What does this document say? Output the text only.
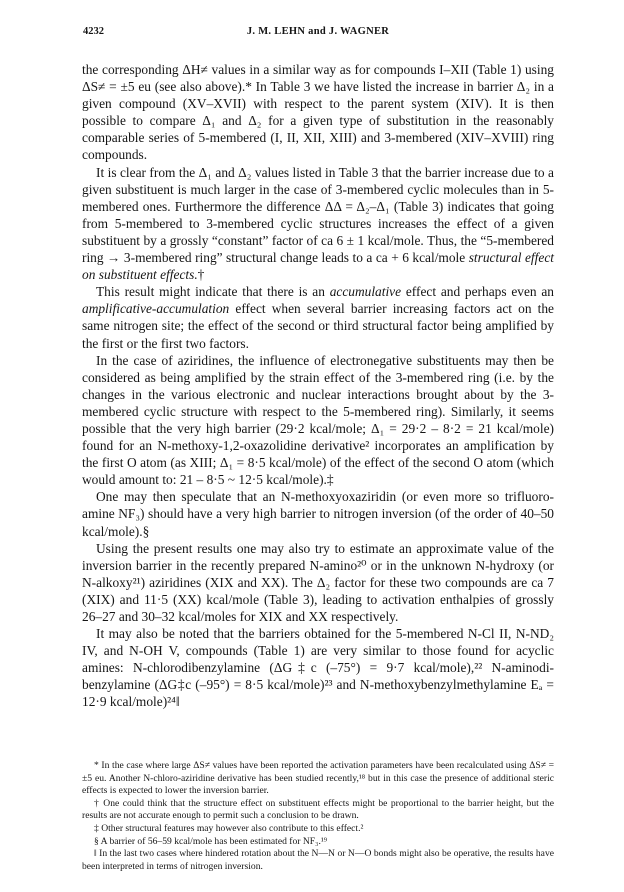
4232	J. M. LEHN and J. WAGNER

the corresponding ΔH≠ values in a similar way as for compounds I–XII (Table 1) using ΔS≠ = ±5 eu (see also above).* In Table 3 we have listed the increase in barrier Δ₂ in a given compound (XV–XVII) with respect to the parent system (XIV). It is then possible to compare Δ₁ and Δ₂ for a given type of substitution in the reasonably comparable series of 5-membered (I, II, XII, XIII) and 3-membered (XIV–XVIII) ring compounds.

It is clear from the Δ₁ and Δ₂ values listed in Table 3 that the barrier increase due to a given substituent is much larger in the case of 3-membered cyclic molecules than in 5-membered ones. Furthermore the difference ΔΔ = Δ₂–Δ₁ (Table 3) indicates that going from 5-membered to 3-membered cyclic structures increases the effect of a given substituent by a grossly “constant” factor of ca 6 ± 1 kcal/mole. Thus, the “5-membered ring → 3-membered ring” structural change leads to a ca + 6 kcal/mole structural effect on substituent effects.†

This result might indicate that there is an accumulative effect and perhaps even an amplificative-accumulation effect when several barrier increasing factors act on the same nitrogen site; the effect of the second or third structural factor being amplified by the first or the first two factors.

In the case of aziridines, the influence of electronegative substituents may then be considered as being amplified by the strain effect of the 3-membered ring (i.e. by the changes in the various electronic and nuclear interactions brought about by the 3-membered cyclic structure with respect to the 5-membered ring). Similarly, it seems possible that the very high barrier (29·2 kcal/mole; Δ₁ = 29·2 – 8·2 = 21 kcal/mole) found for an N-methoxy-1,2-oxazolidine derivative² incorporates an amplification by the first O atom (as XIII; Δ₁ = 8·5 kcal/mole) of the effect of the second O atom (which would amount to: 21 – 8·5 ~ 12·5 kcal/mole).‡

One may then speculate that an N-methoxyoxaziridin (or even more so trifluoro-amine NF₃) should have a very high barrier to nitrogen inversion (of the order of 40–50 kcal/mole).§

Using the present results one may also try to estimate an approximate value of the inversion barrier in the recently prepared N-amino²⁰ or in the unknown N-hydroxy (or N-alkoxy²¹) aziridines (XIX and XX). The Δ₂ factor for these two compounds are ca 7 (XIX) and 11·5 (XX) kcal/mole (Table 3), leading to activation enthalpies of grossly 26–27 and 30–32 kcal/moles for XIX and XX respectively.

It may also be noted that the barriers obtained for the 5-membered N-Cl II, N-ND₂ IV, and N-OH V, compounds (Table 1) are very similar to those found for acyclic amines: N-chlorodibenzylamine (ΔG‡c (–75°) = 9·7 kcal/mole),²² N-aminodi-benzylamine (ΔG‡c (–95°) = 8·5 kcal/mole)²³ and N-methoxybenzylmethylamine Eₐ = 12·9 kcal/mole)²⁴‖

* In the case where large ΔS≠ values have been reported the activation parameters have been recalculated using ΔS≠ = ±5 eu. Another N-chloro-aziridine derivative has been studied recently,¹⁸ but in this case the presence of additional steric effects is expected to lower the inversion barrier.

† One could think that the structure effect on substituent effects might be proportional to the barrier height, but the results are not accurate enough to permit such a conclusion to be drawn.

‡ Other structural features may however also contribute to this effect.²

§ A barrier of 56–59 kcal/mole has been estimated for NF₃.¹⁹

‖ In the last two cases where hindered rotation about the N—N or N—O bonds might also be operative, the results have been interpreted in terms of nitrogen inversion.
